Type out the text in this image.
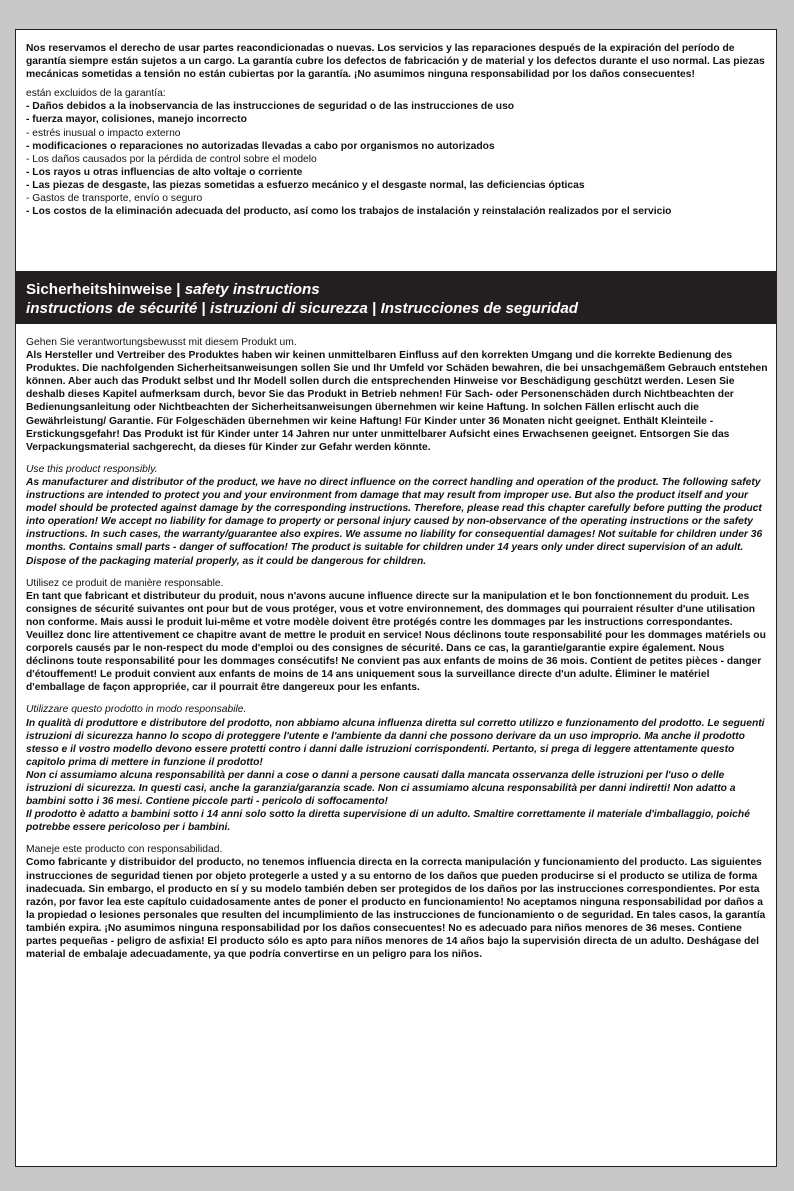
Nos reservamos el derecho de usar partes reacondicionadas o nuevas. Los servicios y las reparaciones después de la expiración del período de garantía siempre están sujetos a un cargo. La garantía cubre los defectos de fabricación y de material y los defectos durante el uso normal. Las piezas mecánicas sometidas a tensión no están cubiertas por la garantía. ¡No asumimos ninguna responsabilidad por los daños consecuentes!

están excluidos de la garantía:

- Daños debidos a la inobservancia de las instrucciones de seguridad o de las instrucciones de uso
- fuerza mayor, colisiones, manejo incorrecto
- estrés inusual o impacto externo
- modificaciones o reparaciones no autorizadas llevadas a cabo por organismos no autorizados
- Los daños causados por la pérdida de control sobre el modelo
- Los rayos u otras influencias de alto voltaje o corriente
- Las piezas de desgaste, las piezas sometidas a esfuerzo mecánico y el desgaste normal, las deficiencias ópticas
- Gastos de transporte, envío o seguro
- Los costos de la eliminación adecuada del producto, así como los trabajos de instalación y reinstalación realizados por el servicio
Sicherheitshinweise | safety instructions
instructions de sécurité | istruzioni di sicurezza | Instrucciones de seguridad

Gehen Sie verantwortungsbewusst mit diesem Produkt um.

Als Hersteller und Vertreiber des Produktes haben wir keinen unmittelbaren Einfluss auf den korrekten Umgang und die korrekte Bedienung des Produktes. Die nachfolgenden Sicherheitsanweisungen sollen Sie und Ihr Umfeld vor Schäden bewahren, die bei unsachgemäßem Gebrauch entstehen können. Aber auch das Produkt selbst und Ihr Modell sollen durch die entsprechenden Hinweise vor Beschädigung geschützt werden. Lesen Sie deshalb dieses Kapitel aufmerksam durch, bevor Sie das Produkt in Betrieb nehmen! Für Sach- oder Personenschäden durch Nichtbeachten der Bedienungsanleitung oder Nichtbeachten der Sicherheitsanweisungen übernehmen wir keine Haftung. In solchen Fällen erlischt auch die Gewährleistung/ Garantie. Für Folgeschäden übernehmen wir keine Haftung! Für Kinder unter 36 Monaten nicht geeignet. Enthält Kleinteile - Erstickungsgefahr! Das Produkt ist für Kinder unter 14 Jahren nur unter unmittelbarer Aufsicht eines Erwachsenen geeignet. Entsorgen Sie das Verpackungsmaterial sachgerecht, da dieses für Kinder zur Gefahr werden könnte.

Use this product responsibly.

As manufacturer and distributor of the product, we have no direct influence on the correct handling and operation of the product. The following safety instructions are intended to protect you and your environment from damage that may result from improper use. But also the product itself and your model should be protected against damage by the corresponding instructions. Therefore, please read this chapter carefully before putting the product into operation! We accept no liability for damage to property or personal injury caused by non-observance of the operating instructions or the safety instructions. In such cases, the warranty/guarantee also expires. We assume no liability for consequential damages! Not suitable for children under 36 months. Contains small parts - danger of suffocation! The product is suitable for children under 14 years only under direct supervision of an adult. Dispose of the packaging material properly, as it could be dangerous for children.

Utilisez ce produit de manière responsable.

En tant que fabricant et distributeur du produit, nous n'avons aucune influence directe sur la manipulation et le bon fonctionnement du produit. Les consignes de sécurité suivantes ont pour but de vous protéger, vous et votre environnement, des dommages qui pourraient résulter d'une utilisation non conforme. Mais aussi le produit lui-même et votre modèle doivent être protégés contre les dommages par les instructions correspondantes. Veuillez donc lire attentivement ce chapitre avant de mettre le produit en service! Nous déclinons toute responsabilité pour les dommages matériels ou corporels causés par le non-respect du mode d'emploi ou des consignes de sécurité. Dans ce cas, la garantie/garantie expire également. Nous déclinons toute responsabilité pour les dommages consécutifs! Ne convient pas aux enfants de moins de 36 mois. Contient de petites pièces - danger d'étouffement! Le produit convient aux enfants de moins de 14 ans uniquement sous la surveillance directe d'un adulte. Éliminer le matériel d'emballage de façon appropriée, car il pourrait être dangereux pour les enfants.

Utilizzare questo prodotto in modo responsabile.

In qualità di produttore e distributore del prodotto, non abbiamo alcuna influenza diretta sul corretto utilizzo e funzionamento del prodotto. Le seguenti istruzioni di sicurezza hanno lo scopo di proteggere l'utente e l'ambiente da danni che possono derivare da un uso improprio. Ma anche il prodotto stesso e il vostro modello devono essere protetti contro i danni dalle istruzioni corrispondenti. Pertanto, si prega di leggere attentamente questo capitolo prima di mettere in funzione il prodotto!

Non ci assumiamo alcuna responsabilità per danni a cose o danni a persone causati dalla mancata osservanza delle istruzioni per l'uso o delle istruzioni di sicurezza. In questi casi, anche la garanzia/garanzia scade. Non ci assumiamo alcuna responsabilità per danni indiretti! Non adatto a bambini sotto i 36 mesi. Contiene piccole parti - pericolo di soffocamento!

Il prodotto è adatto a bambini sotto i 14 anni solo sotto la diretta supervisione di un adulto. Smaltire correttamente il materiale d'imballaggio, poiché potrebbe essere pericoloso per i bambini.

Maneje este producto con responsabilidad.

Como fabricante y distribuidor del producto, no tenemos influencia directa en la correcta manipulación y funcionamiento del producto. Las siguientes instrucciones de seguridad tienen por objeto protegerle a usted y a su entorno de los daños que pueden producirse si el producto se utiliza de forma inadecuada. Sin embargo, el producto en sí y su modelo también deben ser protegidos de los daños por las instrucciones correspondientes. Por esta razón, por favor lea este capítulo cuidadosamente antes de poner el producto en funcionamiento! No aceptamos ninguna responsabilidad por daños a la propiedad o lesiones personales que resulten del incumplimiento de las instrucciones de funcionamiento o de seguridad. En tales casos, la garantía también expira. ¡No asumimos ninguna responsabilidad por los daños consecuentes! No es adecuado para niños menores de 36 meses. Contiene partes pequeñas - peligro de asfixia! El producto sólo es apto para niños menores de 14 años bajo la supervisión directa de un adulto. Deshágase del material de embalaje adecuadamente, ya que podría convertirse en un peligro para los niños.
